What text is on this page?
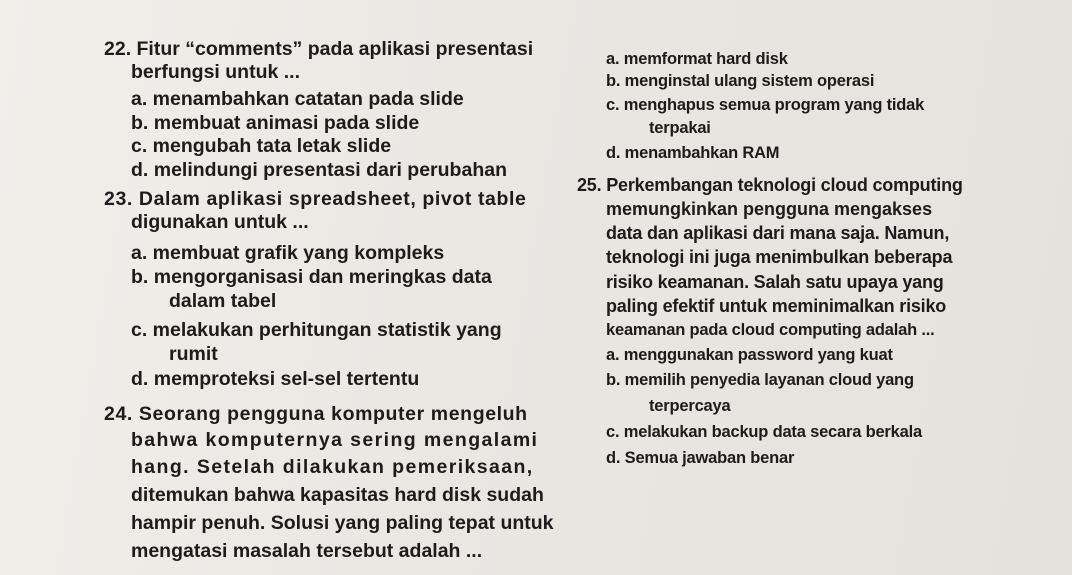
22. Fitur “comments” pada aplikasi presentasi
berfungsi untuk ...
a. menambahkan catatan pada slide
b. membuat animasi pada slide
c. mengubah tata letak slide
d. melindungi presentasi dari perubahan
23. Dalam aplikasi spreadsheet, pivot table
digunakan untuk ...
a. membuat grafik yang kompleks
b. mengorganisasi dan meringkas data
dalam tabel
c. melakukan perhitungan statistik yang
rumit
d. memproteksi sel-sel tertentu
24. Seorang pengguna komputer mengeluh
bahwa komputernya sering mengalami
hang. Setelah dilakukan pemeriksaan,
ditemukan bahwa kapasitas hard disk sudah
hampir penuh. Solusi yang paling tepat untuk
mengatasi masalah tersebut adalah ...
a. memformat hard disk
b. menginstal ulang sistem operasi
c. menghapus semua program yang tidak
terpakai
d. menambahkan RAM
25. Perkembangan teknologi cloud computing
memungkinkan pengguna mengakses
data dan aplikasi dari mana saja. Namun,
teknologi ini juga menimbulkan beberapa
risiko keamanan. Salah satu upaya yang
paling efektif untuk meminimalkan risiko
keamanan pada cloud computing adalah ...
a. menggunakan password yang kuat
b. memilih penyedia layanan cloud yang
terpercaya
c. melakukan backup data secara berkala
d. Semua jawaban benar
